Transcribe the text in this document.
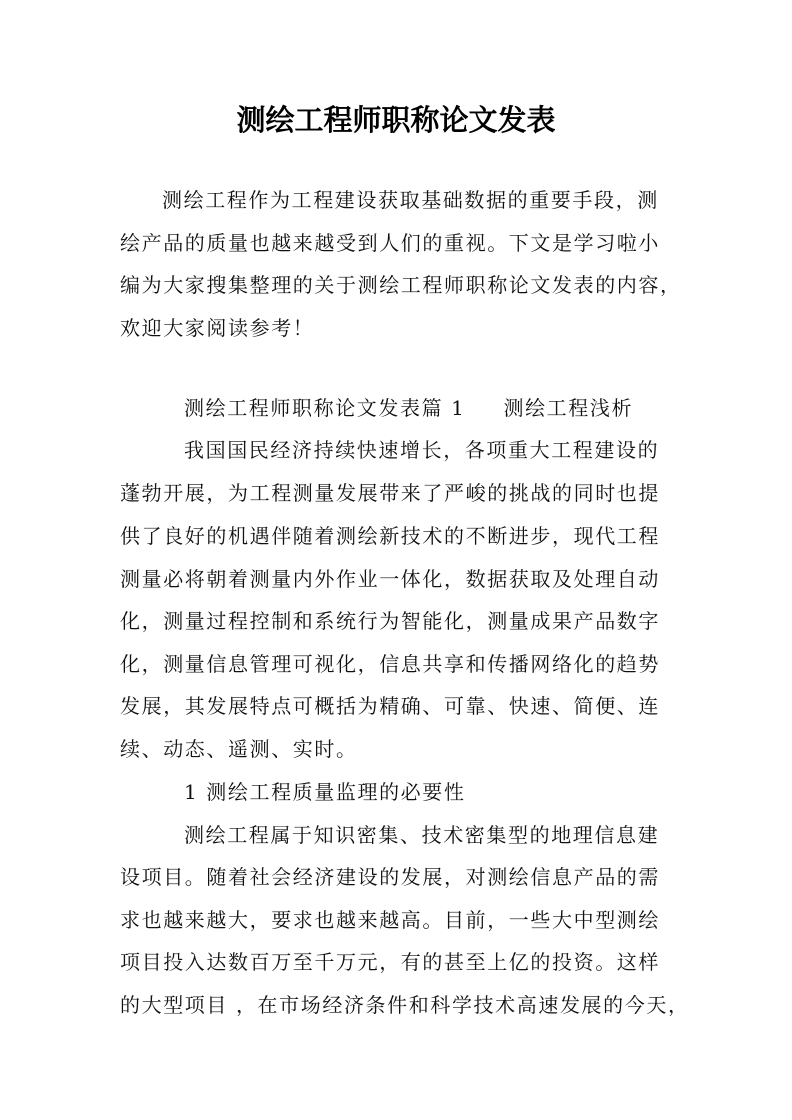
测绘工程师职称论文发表
测绘工程作为工程建设获取基础数据的重要手段，测
绘产品的质量也越来越受到人们的重视。下文是学习啦小
编为大家搜集整理的关于测绘工程师职称论文发表的内容，
欢迎大家阅读参考！
测绘工程师职称论文发表篇 1 测绘工程浅析
我国国民经济持续快速增长，各项重大工程建设的
蓬勃开展，为工程测量发展带来了严峻的挑战的同时也提
供了良好的机遇伴随着测绘新技术的不断进步，现代工程
测量必将朝着测量内外作业一体化，数据获取及处理自动
化，测量过程控制和系统行为智能化，测量成果产品数字
化，测量信息管理可视化，信息共享和传播网络化的趋势
发展，其发展特点可概括为精确、可靠、快速、简便、连
续、动态、遥测、实时。
1 测绘工程质量监理的必要性
测绘工程属于知识密集、技术密集型的地理信息建
设项目。随着社会经济建设的发展，对测绘信息产品的需
求也越来越大，要求也越来越高。目前，一些大中型测绘
项目投入达数百万至千万元，有的甚至上亿的投资。这样
的大型项目 ，在市场经济条件和科学技术高速发展的今天，
